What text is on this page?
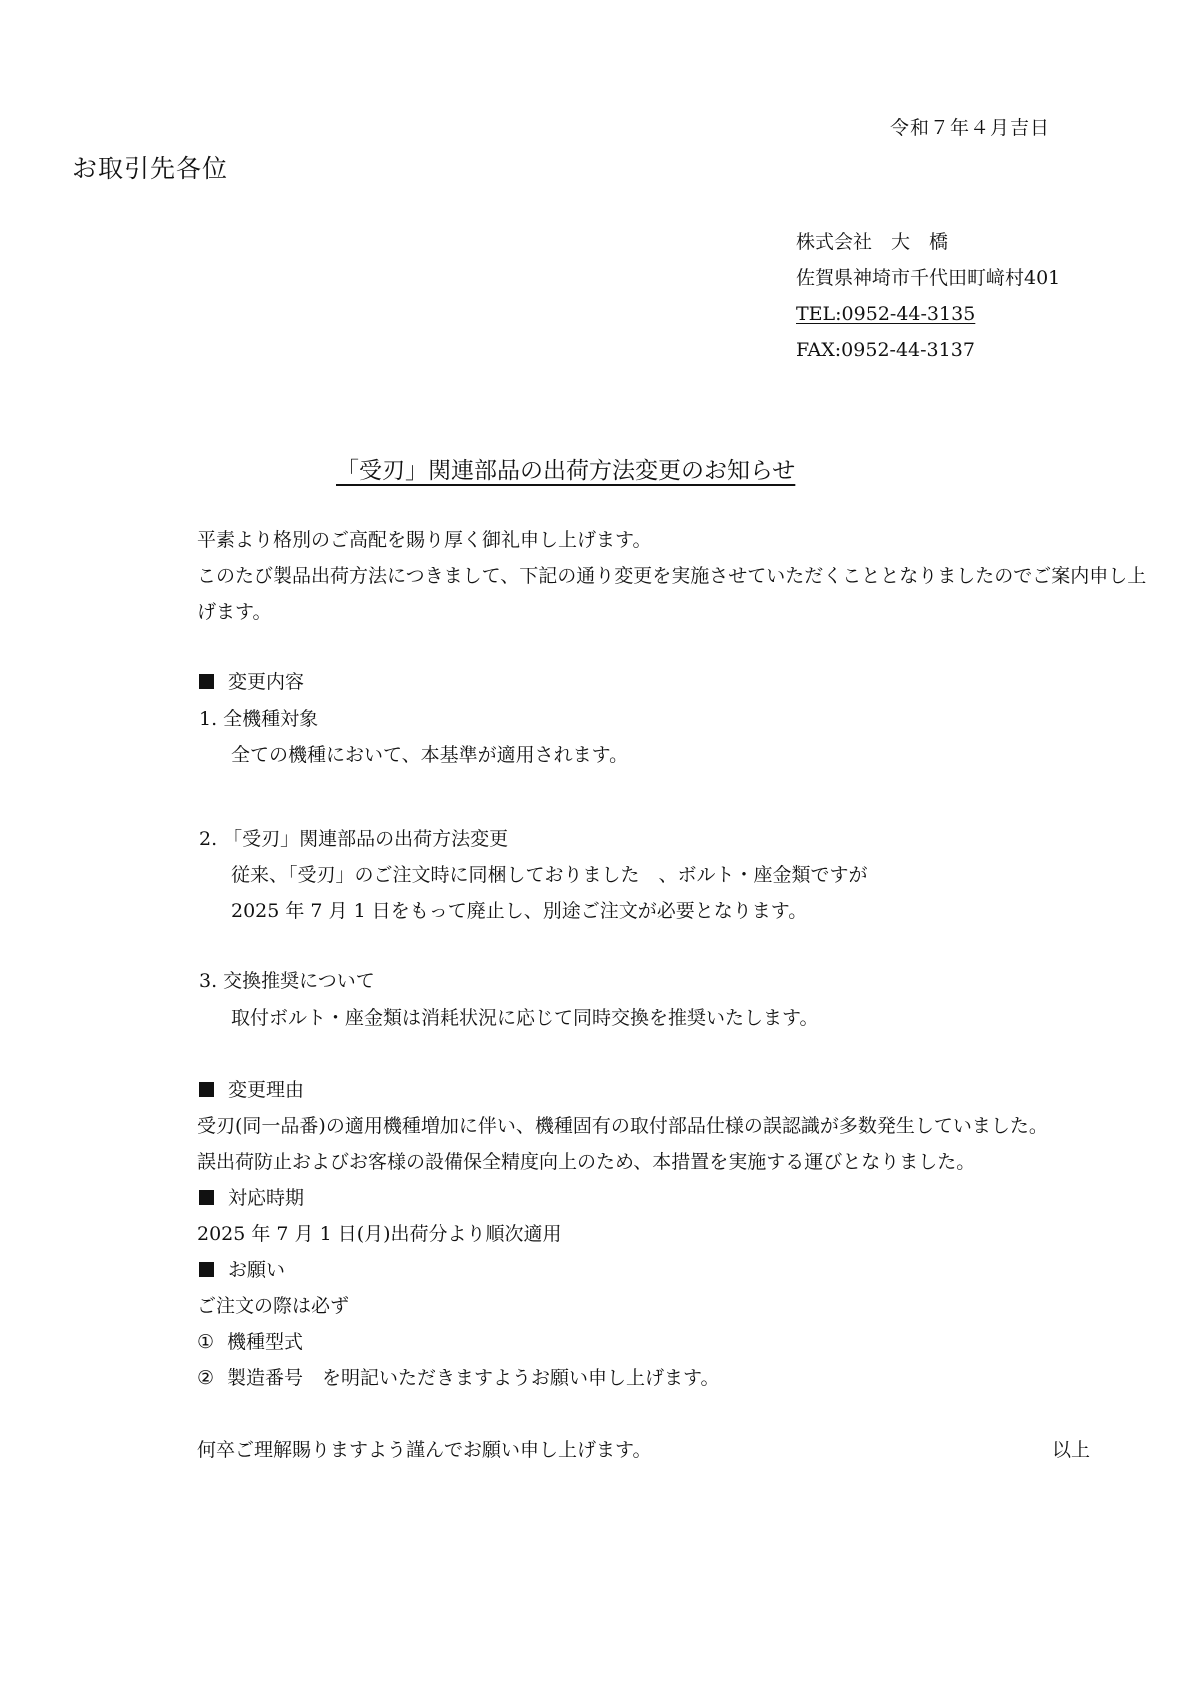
令和７年４月吉日
お取引先各位
株式会社　大　橋
佐賀県神埼市千代田町﨑村401
TEL:0952-44-3135
FAX:0952-44-3137
「受刃」関連部品の出荷方法変更のお知らせ
平素より格別のご高配を賜り厚く御礼申し上げます。
このたび製品出荷方法につきまして、下記の通り変更を実施させていただくこととなりましたのでご案内申し上
げます。
変更内容
1. 全機種対象
全ての機種において、本基準が適用されます。
2. 「受刃」関連部品の出荷方法変更
従来、「受刃」のご注文時に同梱しておりました　、ボルト・座金類ですが
2025 年 7 月 1 日をもって廃止し、別途ご注文が必要となります。
3. 交換推奨について
取付ボルト・座金類は消耗状況に応じて同時交換を推奨いたします。
変更理由
受刃(同一品番)の適用機種増加に伴い、機種固有の取付部品仕様の誤認識が多数発生していました。
誤出荷防止およびお客様の設備保全精度向上のため、本措置を実施する運びとなりました。
対応時期
2025 年 7 月 1 日(月)出荷分より順次適用
お願い
ご注文の際は必ず
① 機種型式
② 製造番号　を明記いただきますようお願い申し上げます。
何卒ご理解賜りますよう謹んでお願い申し上げます。	以上
